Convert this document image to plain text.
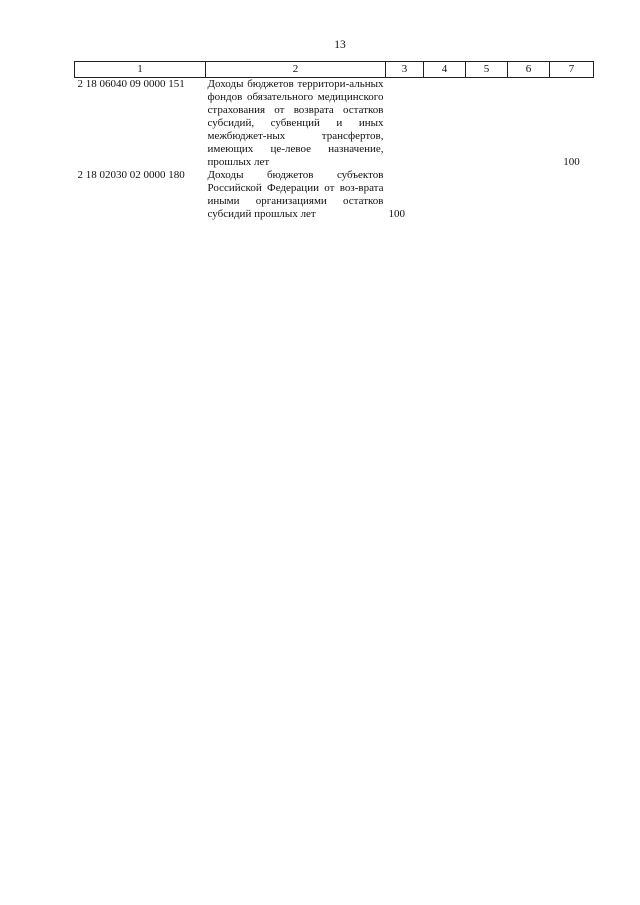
13
1	2	3	4	5	6	7
2 18 06040 09 0000 151	Доходы бюджетов территори-альных фондов обязательного медицинского страхования от возврата остатков субсидий, субвенций и иных межбюджет-ных трансфертов, имеющих це-левое назначение, прошлых лет					100
2 18 02030 02 0000 180	Доходы бюджетов субъектов Российской Федерации от воз-врата иными организациями остатков субсидий прошлых лет	100				
